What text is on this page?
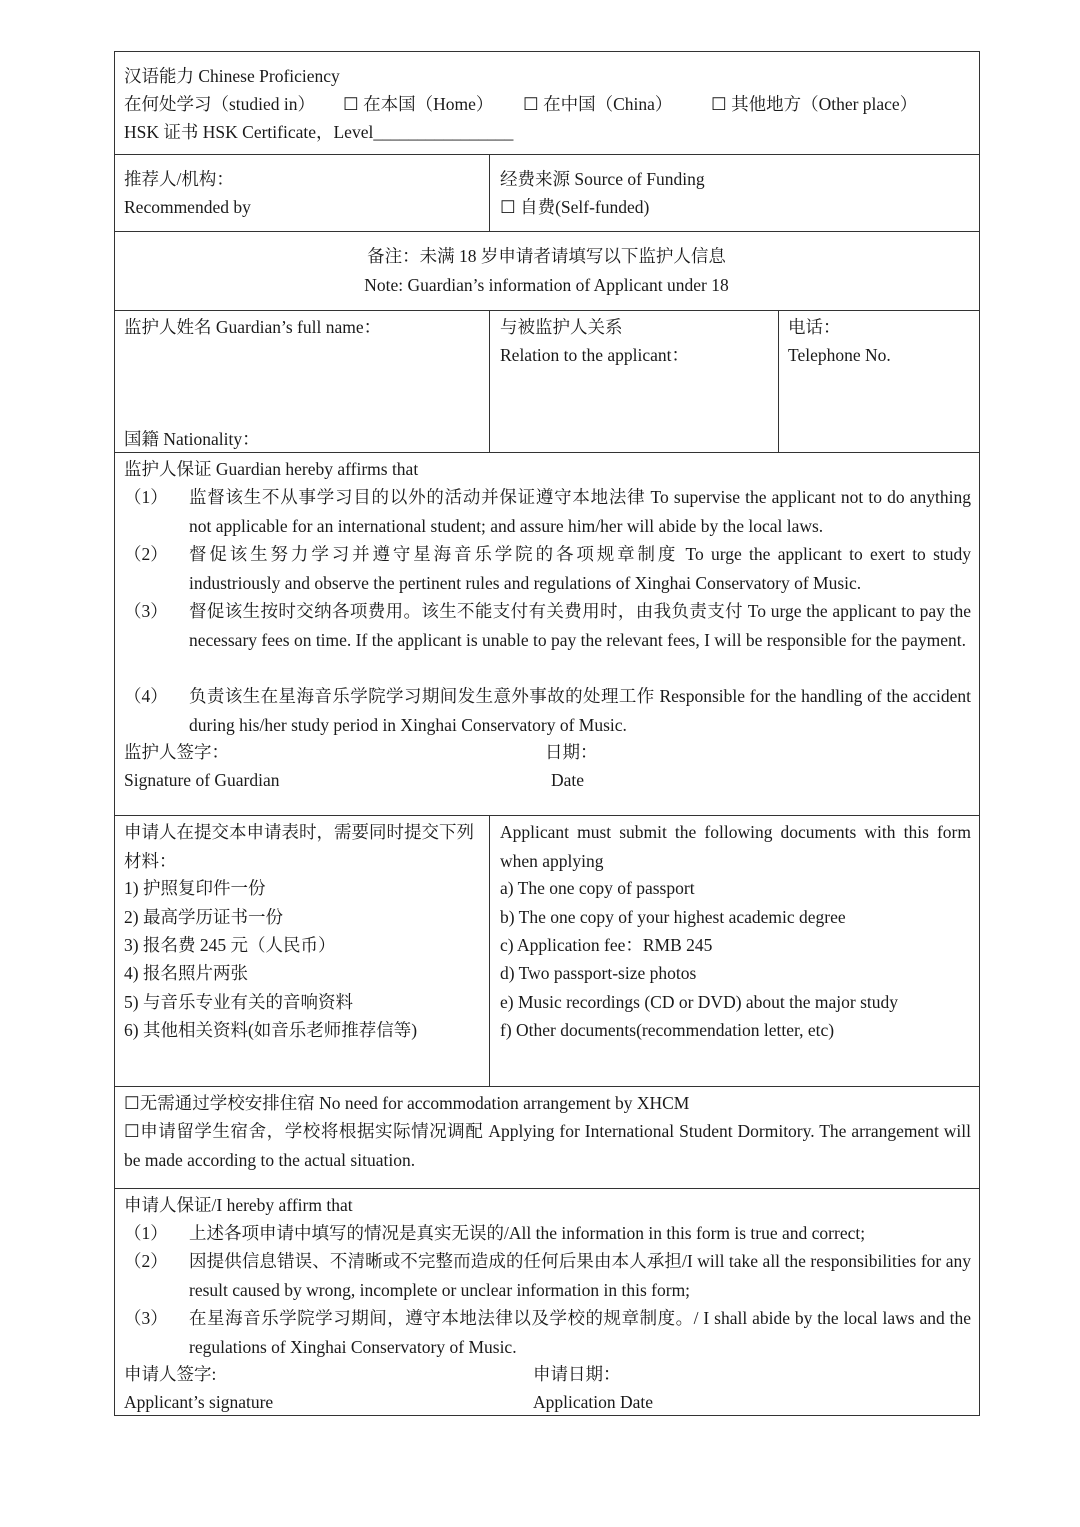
汉语能力 Chinese Proficiency
在何处学习（studied in） ☐ 在本国（Home） ☐ 在中国（China） ☐ 其他地方（Other place）
HSK 证书 HSK Certificate，Level________________
推荐人/机构：
Recommended by
经费来源 Source of Funding
☐ 自费(Self-funded)
备注：未满 18 岁申请者请填写以下监护人信息
Note: Guardian’s information of Applicant under 18
监护人姓名 Guardian’s full name：
国籍 Nationality：
与被监护人关系
Relation to the applicant：
电话：
Telephone No.
监护人保证 Guardian hereby affirms that
（1） 监督该生不从事学习目的以外的活动并保证遵守本地法律 To supervise the applicant not to do anything not applicable for an international student; and assure him/her will abide by the local laws.
（2） 督促该生努力学习并遵守星海音乐学院的各项规章制度 To urge the applicant to exert to study industriously and observe the pertinent rules and regulations of Xinghai Conservatory of Music.
（3） 督促该生按时交纳各项费用。该生不能支付有关费用时，由我负责支付 To urge the applicant to pay the necessary fees on time. If the applicant is unable to pay the relevant fees, I will be responsible for the payment.
（4） 负责该生在星海音乐学院学习期间发生意外事故的处理工作 Responsible for the handling of the accident during his/her study period in Xinghai Conservatory of Music.
监护人签字：
Signature of Guardian
日期：
Date
申请人在提交本申请表时，需要同时提交下列材料：
1) 护照复印件一份
2) 最高学历证书一份
3) 报名费 245 元（人民币）
4) 报名照片两张
5) 与音乐专业有关的音响资料
6) 其他相关资料(如音乐老师推荐信等)
Applicant must submit the following documents with this form when applying
a) The one copy of passport
b) The one copy of your highest academic degree
c) Application fee：RMB 245
d) Two passport-size photos
e) Music recordings (CD or DVD) about the major study
f) Other documents(recommendation letter, etc)
☐无需通过学校安排住宿 No need for accommodation arrangement by XHCM
☐申请留学生宿舍，学校将根据实际情况调配 Applying for International Student Dormitory. The arrangement will be made according to the actual situation.
申请人保证/I hereby affirm that
（1） 上述各项申请中填写的情况是真实无误的/All the information in this form is true and correct;
（2） 因提供信息错误、不清晰或不完整而造成的任何后果由本人承担/I will take all the responsibilities for any result caused by wrong, incomplete or unclear information in this form;
（3） 在星海音乐学院学习期间，遵守本地法律以及学校的规章制度。/ I shall abide by the local laws and the regulations of Xinghai Conservatory of Music.
申请人签字:
Applicant’s signature
申请日期：
Application Date
